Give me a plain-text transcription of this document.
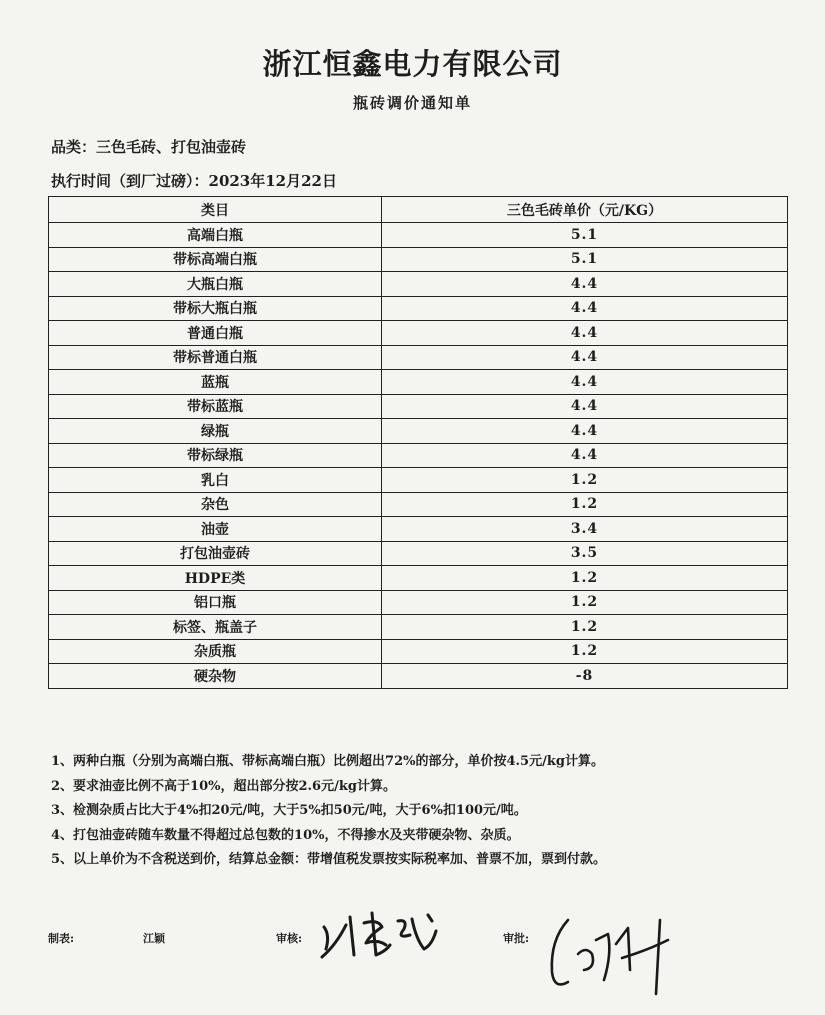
浙江恒鑫电力有限公司
瓶砖调价通知单
品类：三色毛砖、打包油壶砖
执行时间（到厂过磅）：2023年12月22日
类目	三色毛砖单价（元/KG）
高端白瓶	5.1
带标高端白瓶	5.1
大瓶白瓶	4.4
带标大瓶白瓶	4.4
普通白瓶	4.4
带标普通白瓶	4.4
蓝瓶	4.4
带标蓝瓶	4.4
绿瓶	4.4
带标绿瓶	4.4
乳白	1.2
杂色	1.2
油壶	3.4
打包油壶砖	3.5
HDPE类	1.2
铝口瓶	1.2
标签、瓶盖子	1.2
杂质瓶	1.2
硬杂物	-8
1、两种白瓶（分别为高端白瓶、带标高端白瓶）比例超出72%的部分，单价按4.5元/kg计算。
2、要求油壶比例不高于10%，超出部分按2.6元/kg计算。
3、检测杂质占比大于4%扣20元/吨，大于5%扣50元/吨，大于6%扣100元/吨。
4、打包油壶砖随车数量不得超过总包数的10%，不得掺水及夹带硬杂物、杂质。
5、以上单价为不含税送到价，结算总金额：带增值税发票按实际税率加、普票不加，票到付款。
制表:	江颖	审核:	审批:
